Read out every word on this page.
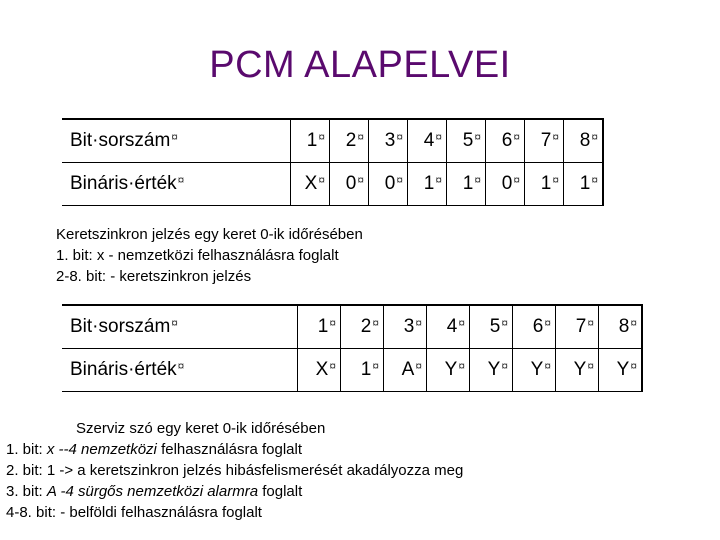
PCM ALAPELVEI
Bit·sorszám¤	1¤	2¤	3¤	4¤	5¤	6¤	7¤	8¤
Bináris·érték¤	X¤	0¤	0¤	1¤	1¤	0¤	1¤	1¤
Keretszinkron jelzés egy keret 0-ik időrésében
1. bit: x - nemzetközi felhasználásra foglalt
2-8. bit: - keretszinkron jelzés
Bit·sorszám¤	1¤	2¤	3¤	4¤	5¤	6¤	7¤	8¤
Bináris·érték¤	X¤	1¤	A¤	Y¤	Y¤	Y¤	Y¤	Y¤
Szerviz szó egy keret 0-ik időrésében
1. bit: x --4 nemzetközi felhasználásra foglalt
2. bit: 1 -> a keretszinkron jelzés hibásfelismerését akadályozza meg
3. bit: A -4 sürgős nemzetközi alarmra foglalt
4-8. bit: - belföldi felhasználásra foglalt
